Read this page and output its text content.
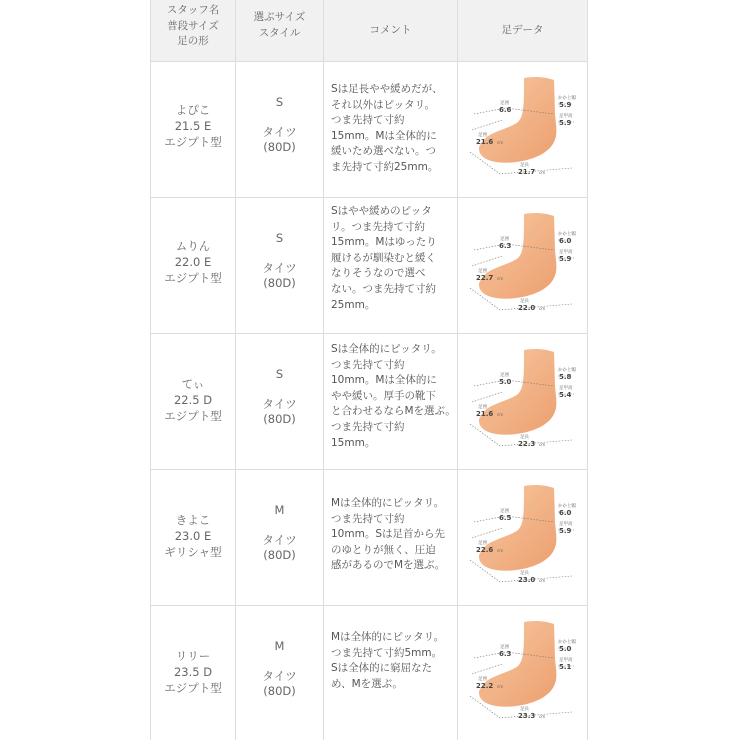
スタッフ名
普段サイズ
足の形
選ぶサイズ
スタイル	コメント	足データ
よぴこ
21.5 E
エジプト型
S
タイツ
(80D)
Sは足長やや緩めだが、
それ以外はピッタリ。
つま先持て寸約
15mm。Mは全体的に
緩いため選べない。つ
ま先持て寸約25mm。
足囲
6.6
かかと幅
5.9
足甲高
5.9
足囲
21.6 cm
足長
21.7 cm
ムりん
22.0 E
エジプト型
S
タイツ
(80D)
Sはやや緩めのピッタ
リ。つま先持て寸約
15mm。Mはゆったり
履けるが馴染むと緩く
なりそうなので選べ
ない。つま先持て寸約
25mm。
足囲
6.3
かかと幅
6.0
足甲高
5.9
足囲
22.7 cm
足長
22.0 cm
てぃ
22.5 D
エジプト型
S
タイツ
(80D)
Sは全体的にピッタリ。
つま先持て寸約
10mm。Mは全体的に
やや緩い。厚手の靴下
と合わせるならMを選ぶ。
つま先持て寸約
15mm。
足囲
5.0
かかと幅
5.8
足甲高
5.4
足囲
21.6 cm
足長
22.3 cm
きよこ
23.0 E
ギリシャ型
M
タイツ
(80D)
Mは全体的にピッタリ。
つま先持て寸約
10mm。Sは足首から先
のゆとりが無く、圧迫
感があるのでMを選ぶ。
足囲
6.5
かかと幅
6.0
足甲高
5.9
足囲
22.6 cm
足長
23.0 cm
リリー
23.5 D
エジプト型
M
タイツ
(80D)
Mは全体的にピッタリ。
つま先持て寸約5mm。
Sは全体的に窮屈なた
め、Mを選ぶ。
足囲
6.3
かかと幅
5.0
足甲高
5.1
足囲
22.2 cm
足長
23.3 cm
